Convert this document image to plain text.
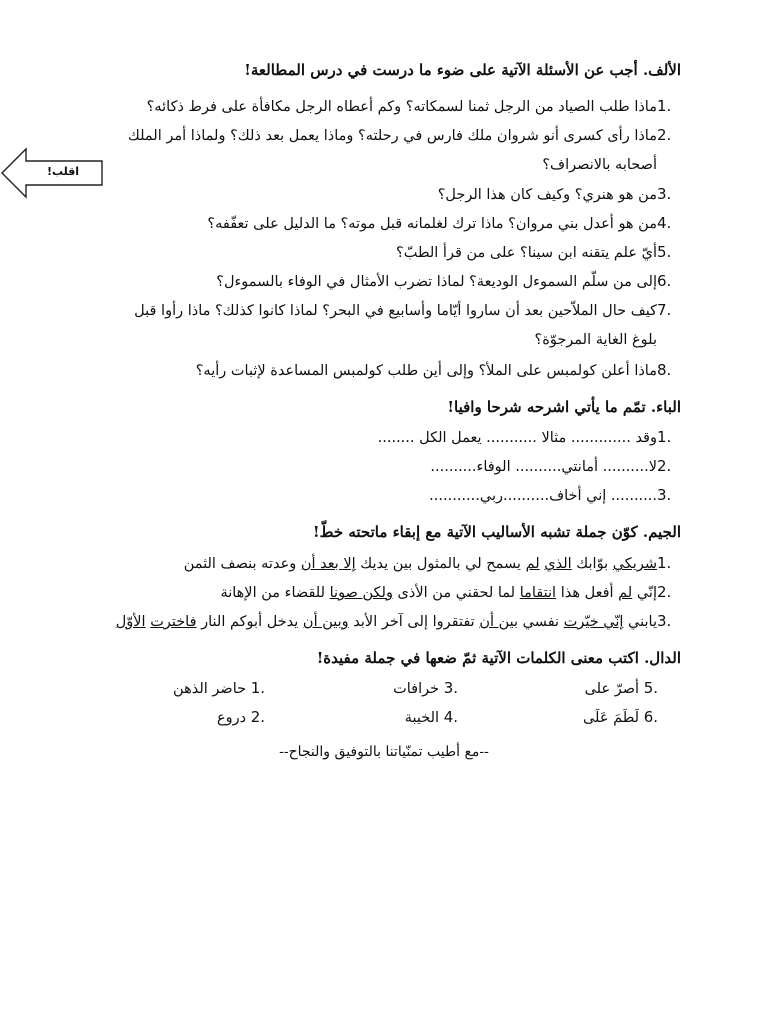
اقلب!
الألف. أجب عن الأسئلة الآتية على ضوء ما درست في درس المطالعة!
1.ماذا طلب الصياد من الرجل ثمنا لسمكاته؟ وكم أعطاه الرجل مكافأة على فرط ذكائه؟
2.ماذا رأى كسرى أنو شروان ملك فارس في رحلته؟ وماذا يعمل بعد ذلك؟ ولماذا أمر الملك
أصحابه بالانصراف؟
3.من هو هنري؟ وكيف كان هذا الرجل؟
4.من هو أعدل بني مروان؟ ماذا ترك لغلمانه قبل موته؟ ما الدليل على تعفّفه؟
5.أيّ علم يتقنه ابن سينا؟ على من قرأ الطبّ؟
6.إلى من سلّم السموءل الوديعة؟ لماذا تضرب الأمثال في الوفاء بالسموءل؟
7.كيف حال الملاّحين بعد أن ساروا أيّاما وأسابيع في البحر؟ لماذا كانوا كذلك؟ ماذا رأوا قبل
بلوغ الغاية المرجوّة؟
8.ماذا أعلن كولمبس على الملأ؟ وإلى أين طلب كولمبس المساعدة لإثبات رأيه؟
الباء. تمّم ما يأتي اشرحه شرحا وافيا!
1.وقد ............. مثالا ........... يعمل الكل ........
2.لا.......... أمانتي.......... الوفاء..........
3........... إني أخاف..........ربي...........
الجيم. كوّن جملة تشبه الأساليب الآتية مع إبقاء ماتحته خطّ!
1.شريكي بوّابك الذي لم يسمح لي بالمثول بين يديك إلا بعد أن وعدته بنصف الثمن
2.إنّي لم أفعل هذا انتقاما لما لحقني من الأذى ولكن صونا للقضاء من الإهانة
3.يابني إنّي خيّرت نفسي بين أن تفتقروا إلى آخر الأبد وبين أن يدخل أبوكم النار فاخترت الأوّل
الدال. اكتب معنى الكلمات الآتية ثمّ ضعها في جملة مفيدة!
1. حاضر الذهن
2. دروع
3. خرافات
4. الخيبة
5. أصرّ على
6. لَطَمَ عَلَى
--مع أطيب تمنّياتنا بالتوفيق والنجاح--
